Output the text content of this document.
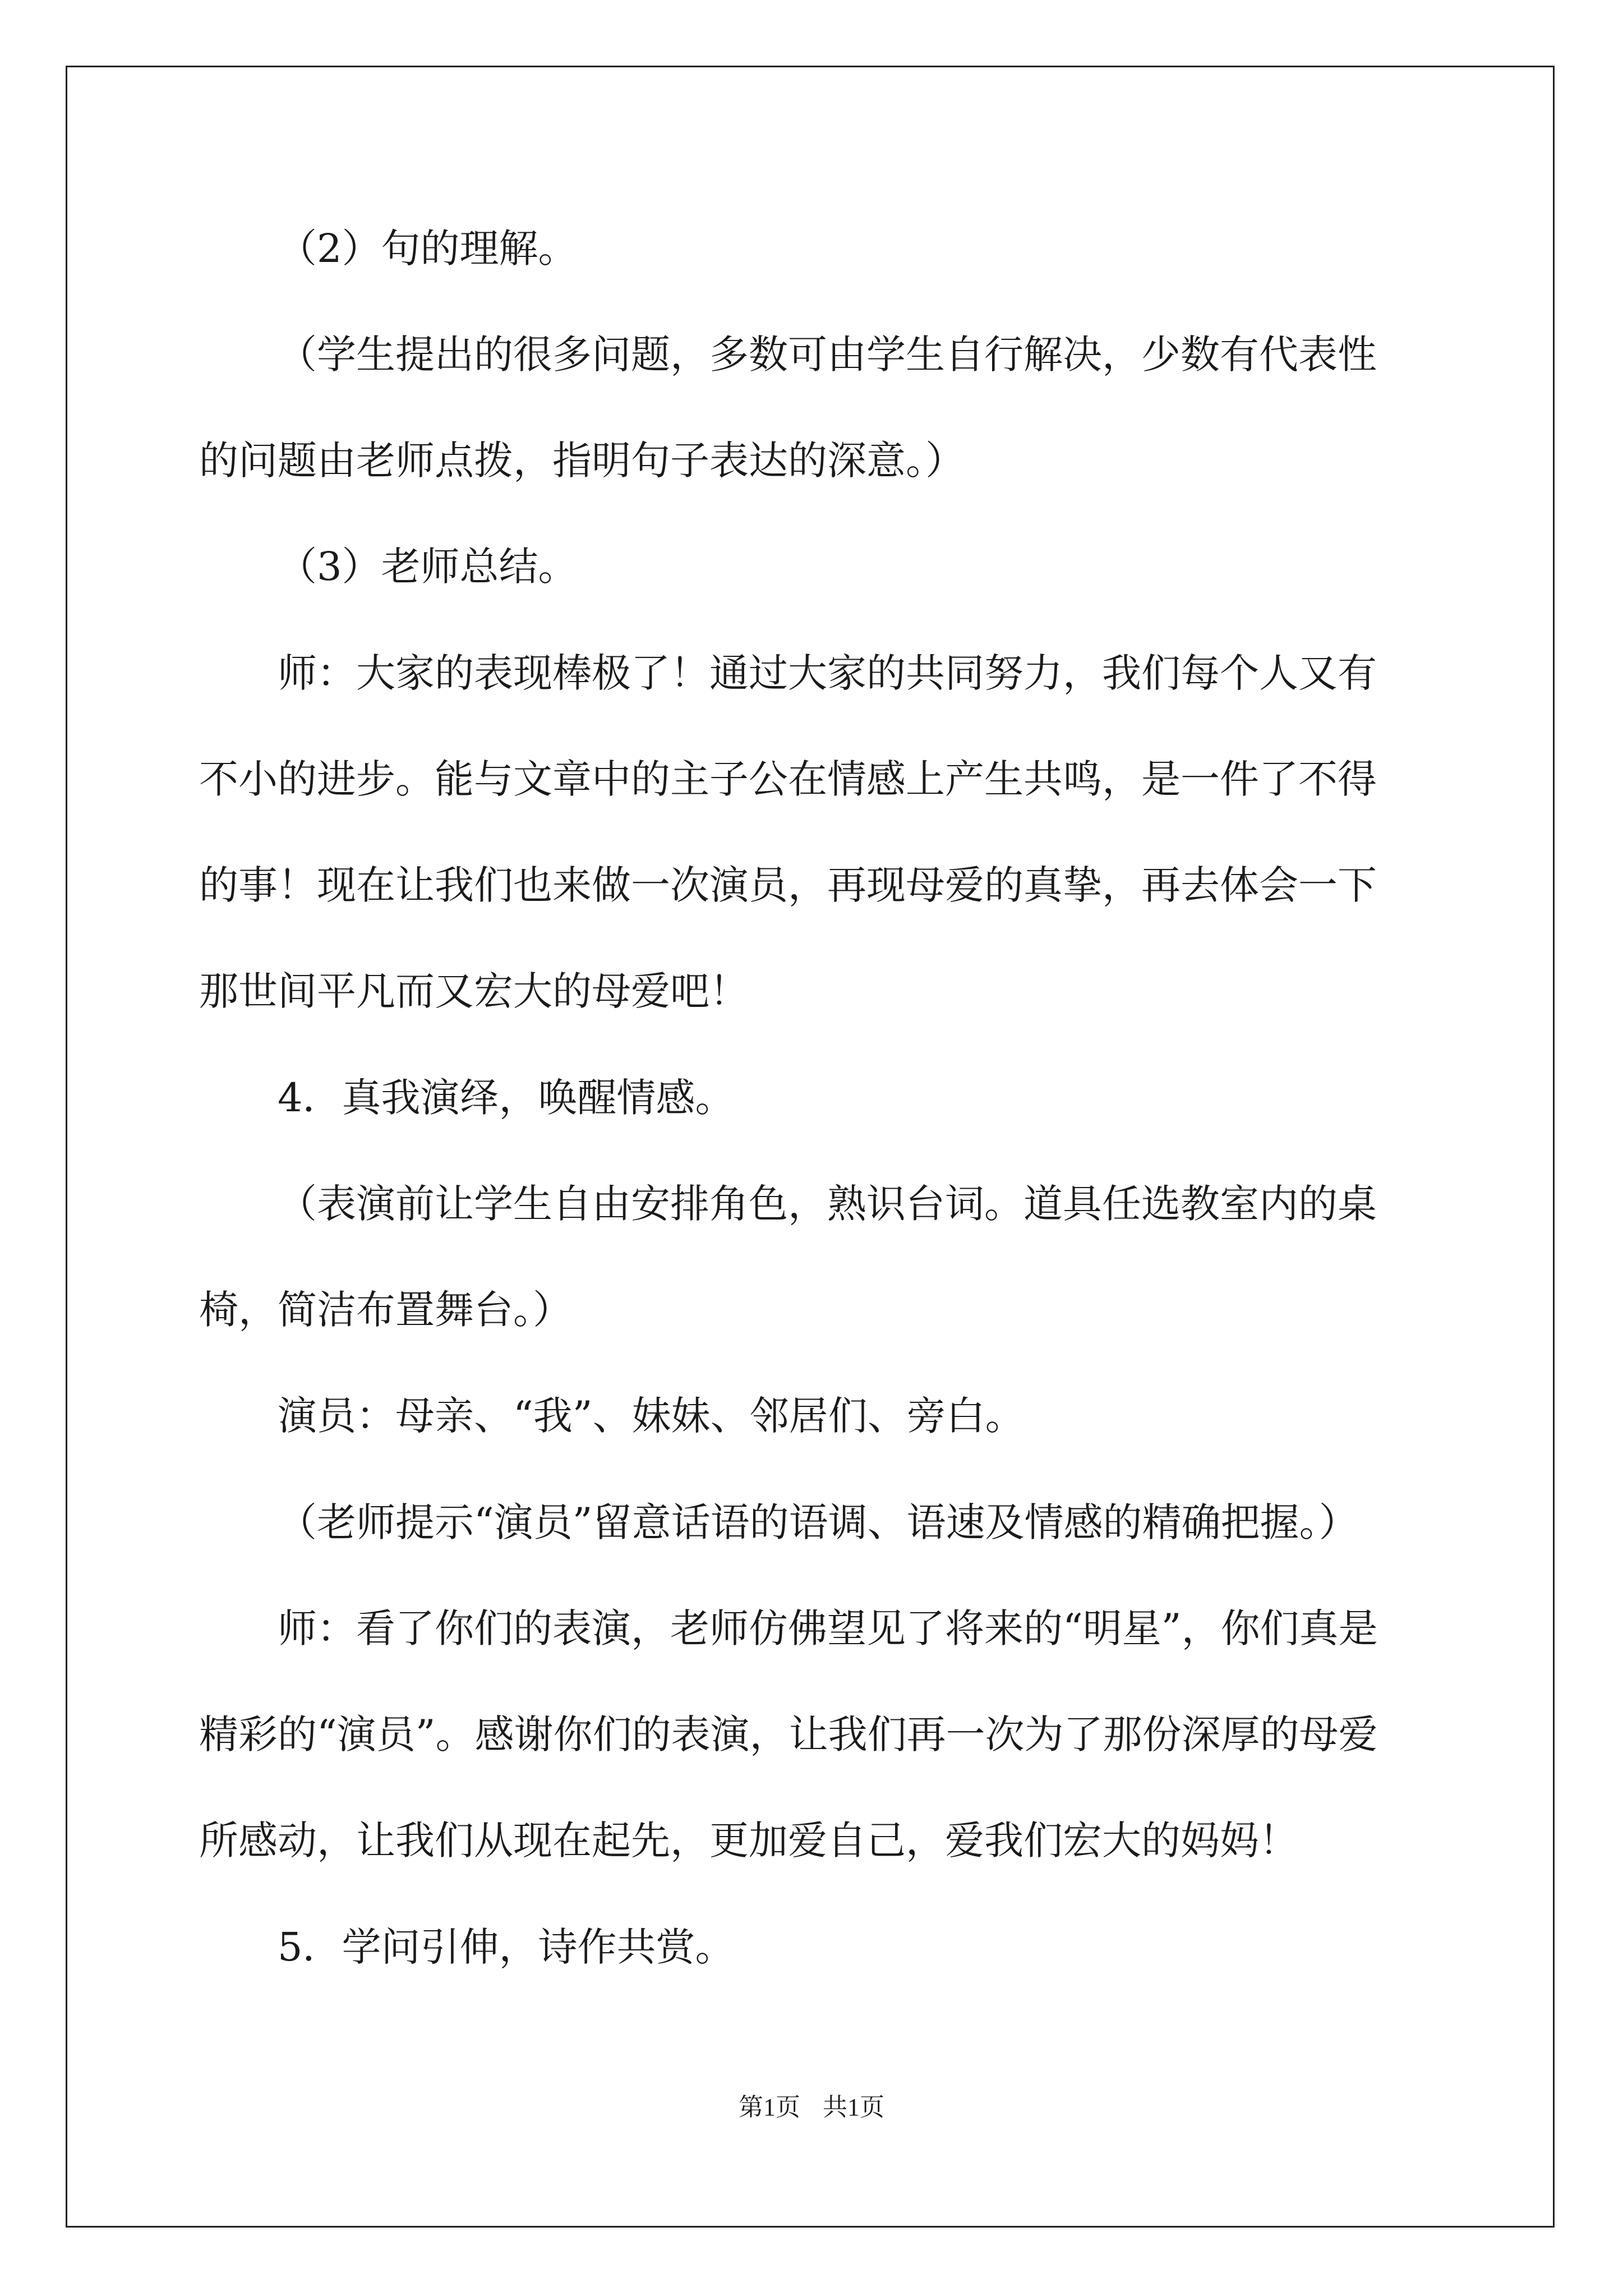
（2）句的理解。

（学生提出的很多问题，多数可由学生自行解决，少数有代表性

的问题由老师点拨，指明句子表达的深意。）

（3）老师总结。

师：大家的表现棒极了！通过大家的共同努力，我们每个人又有

不小的进步。能与文章中的主子公在情感上产生共鸣，是一件了不得

的事！现在让我们也来做一次演员，再现母爱的真挚，再去体会一下

那世间平凡而又宏大的母爱吧！

4．真我演绎，唤醒情感。

（表演前让学生自由安排角色，熟识台词。道具任选教室内的桌

椅，简洁布置舞台。）

演员：母亲、“我”、妹妹、邻居们、旁白。

（老师提示“演员”留意话语的语调、语速及情感的精确把握。）

师：看了你们的表演，老师仿佛望见了将来的“明星”，你们真是

精彩的“演员”。感谢你们的表演，让我们再一次为了那份深厚的母爱

所感动，让我们从现在起先，更加爱自己，爱我们宏大的妈妈！

5．学问引伸，诗作共赏。

第1页 共1页
